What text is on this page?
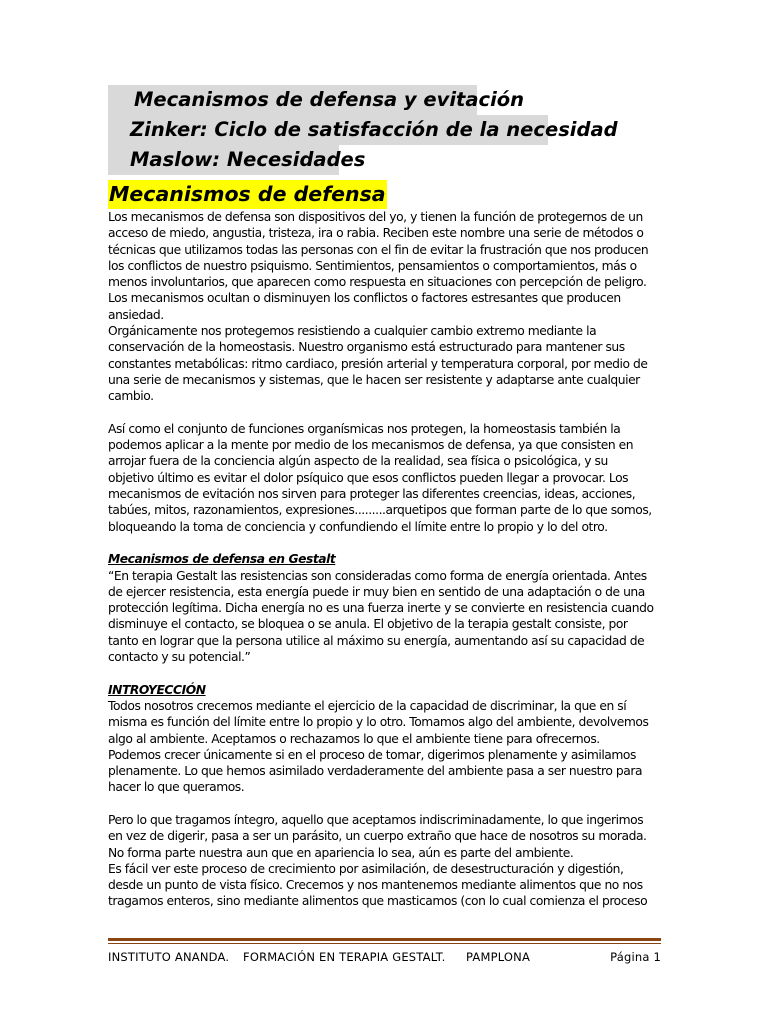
Mecanismos de defensa y evitación
Zinker: Ciclo de satisfacción de la necesidad
Maslow: Necesidades
Mecanismos de defensa

Los mecanismos de defensa son dispositivos del yo, y tienen la función de protegernos de un

acceso de miedo, angustia, tristeza, ira o rabia. Reciben este nombre una serie de métodos o

técnicas que utilizamos todas las personas con el fin de evitar la frustración que nos producen

los conflictos de nuestro psiquismo. Sentimientos, pensamientos o comportamientos, más o

menos involuntarios, que aparecen como respuesta en situaciones con percepción de peligro.

Los mecanismos ocultan o disminuyen los conflictos o factores estresantes que producen

ansiedad.

Orgánicamente nos protegemos resistiendo a cualquier cambio extremo mediante la

conservación de la homeostasis. Nuestro organismo está estructurado para mantener sus

constantes metabólicas: ritmo cardiaco, presión arterial y temperatura corporal, por medio de

una serie de mecanismos y sistemas, que le hacen ser resistente y adaptarse ante cualquier

cambio.

Así como el conjunto de funciones organísmicas nos protegen, la homeostasis también la

podemos aplicar a la mente por medio de los mecanismos de defensa, ya que consisten en

arrojar fuera de la conciencia algún aspecto de la realidad, sea física o psicológica, y su

objetivo último es evitar el dolor psíquico que esos conflictos pueden llegar a provocar. Los

mecanismos de evitación nos sirven para proteger las diferentes creencias, ideas, acciones,

tabúes, mitos, razonamientos, expresiones.........arquetipos que forman parte de lo que somos,

bloqueando la toma de conciencia y confundiendo el límite entre lo propio y lo del otro.

Mecanismos de defensa en Gestalt

“En terapia Gestalt las resistencias son consideradas como forma de energía orientada. Antes

de ejercer resistencia, esta energía puede ir muy bien en sentido de una adaptación o de una

protección legítima. Dicha energía no es una fuerza inerte y se convierte en resistencia cuando

disminuye el contacto, se bloquea o se anula. El objetivo de la terapia gestalt consiste, por

tanto en lograr que la persona utilice al máximo su energía, aumentando así su capacidad de

contacto y su potencial.”

INTROYECCIÓN

Todos nosotros crecemos mediante el ejercicio de la capacidad de discriminar, la que en sí

misma es función del límite entre lo propio y lo otro. Tomamos algo del ambiente, devolvemos

algo al ambiente. Aceptamos o rechazamos lo que el ambiente tiene para ofrecernos.

Podemos crecer únicamente si en el proceso de tomar, digerimos plenamente y asimilamos

plenamente. Lo que hemos asimilado verdaderamente del ambiente pasa a ser nuestro para

hacer lo que queramos.

Pero lo que tragamos íntegro, aquello que aceptamos indiscriminadamente, lo que ingerimos

en vez de digerir, pasa a ser un parásito, un cuerpo extraño que hace de nosotros su morada.

No forma parte nuestra aun que en apariencia lo sea, aún es parte del ambiente.

Es fácil ver este proceso de crecimiento por asimilación, de desestructuración y digestión,

desde un punto de vista físico. Crecemos y nos mantenemos mediante alimentos que no nos

tragamos enteros, sino mediante alimentos que masticamos (con lo cual comienza el proceso

INSTITUTO ANANDA. FORMACIÓN EN TERAPIA GESTALT. PAMPLONA	Página 1
